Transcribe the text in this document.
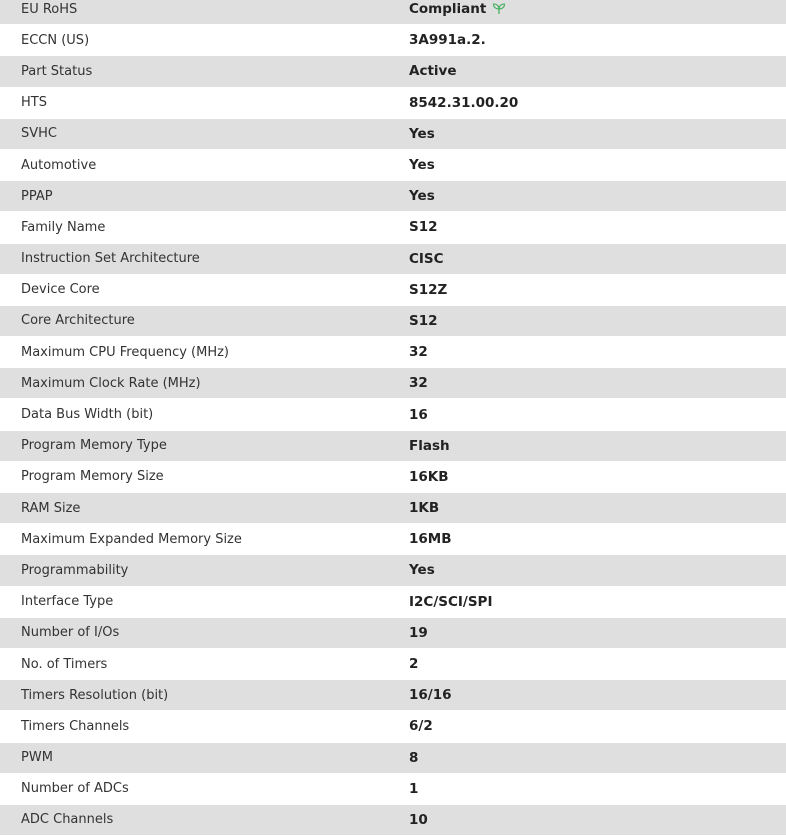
EU RoHS	Compliant
ECCN (US)	3A991a.2.
Part Status	Active
HTS	8542.31.00.20
SVHC	Yes
Automotive	Yes
PPAP	Yes
Family Name	S12
Instruction Set Architecture	CISC
Device Core	S12Z
Core Architecture	S12
Maximum CPU Frequency (MHz)	32
Maximum Clock Rate (MHz)	32
Data Bus Width (bit)	16
Program Memory Type	Flash
Program Memory Size	16KB
RAM Size	1KB
Maximum Expanded Memory Size	16MB
Programmability	Yes
Interface Type	I2C/SCI/SPI
Number of I/Os	19
No. of Timers	2
Timers Resolution (bit)	16/16
Timers Channels	6/2
PWM	8
Number of ADCs	1
ADC Channels	10
